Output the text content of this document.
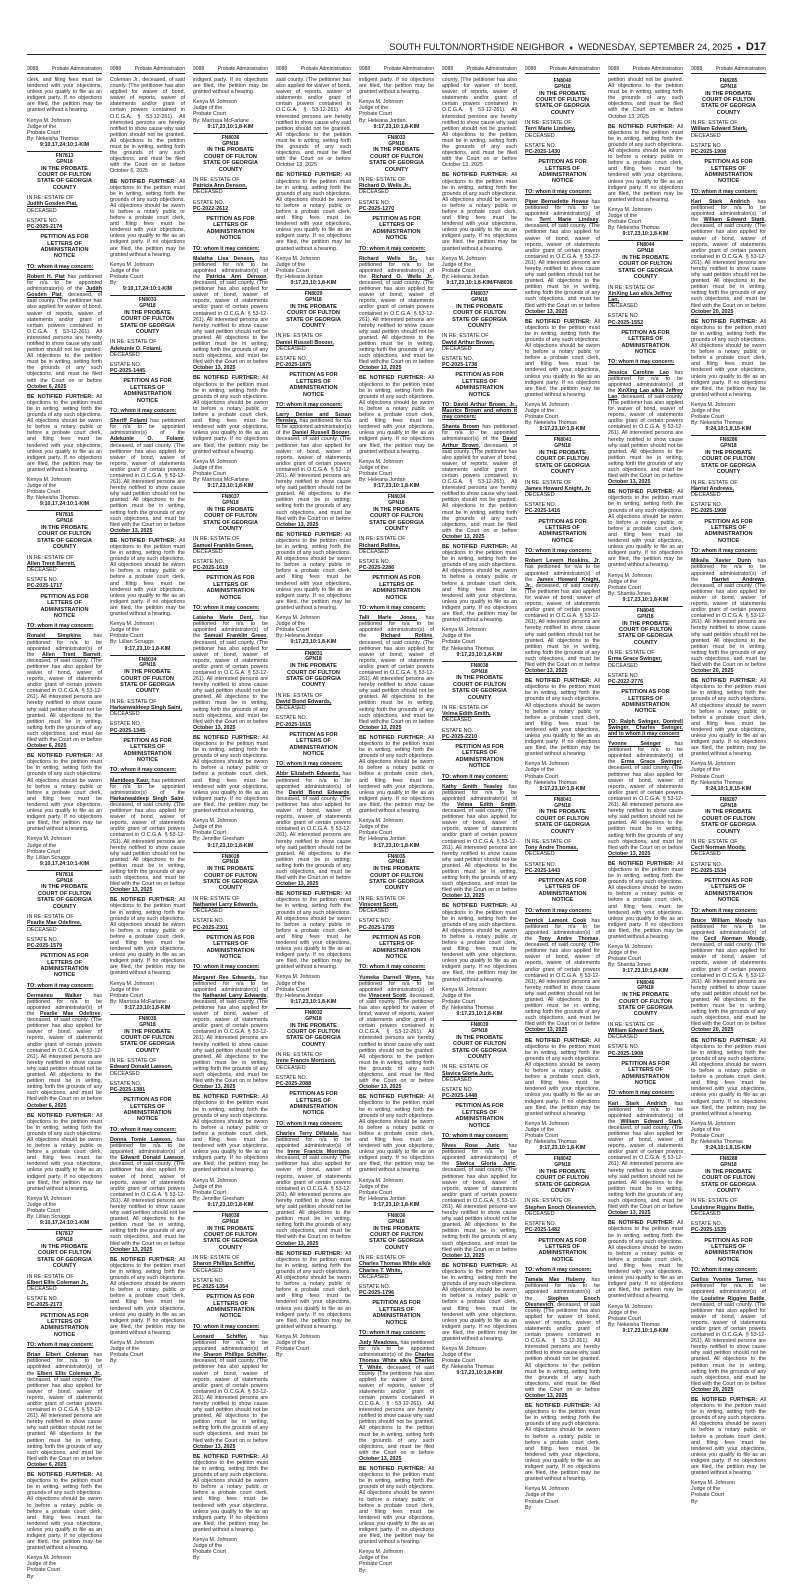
SOUTH FULTON/NORTHSIDE NEIGHBOR ♦ WEDNESDAY, SEPTEMBER 24, 2025 ♦ D17
9088	Probate Administration

clerk, and filing fees must be tendered with your objections, unless you qualify to file as an indigent party. If no objections are filed, the petition may be granted without a hearing.

Kenya M. Johnson
Judge of the
Probate Court
By: Nekeisha Thomas
9:10,17,24:10:1-KIM
FN7813
GPN18
IN THE PROBATE
COURT OF FULTON
STATE OF GEORGIA
COUNTY
IN RE: ESTATE OF
Judith Gosden Piat,
DECEASED
ESTATE NO.
PC-2025-2174
PETITION AS FOR
LETTERS OF
ADMINISTRATION
NOTICE

TO: whom it may concern:

Robert H. Piat has petitioned for n/a to be appointed administrator(s) of the Judith Gosden Piat, deceased, of said county. (The petitioner has also applied for waiver of bond, waiver of reports, waiver of statements and/or grant of certain powers contained in O.C.G.A. § 53-12-261). All interested persons are hereby notified to show cause why said petition should not be granted. All objections to the petition must be in writing, setting forth the grounds of any such objections, and must be filed with the Court on or before October 6, 2025

BE NOTIFIED FURTHER: All objections to the petition must be in writing, setting forth the grounds of any such objections. All objections should be sworn to before a notary public or before a probate court clerk, and filing fees must be tendered with your objections, unless you qualify to file as an indigent party. If no objections are filed, the petition may be granted without a hearing.

Kenya M. Johnson
Judge of the
Probate Court
By: Nekeisha Thomas
9:10,17,24:10:1-KIM
FN7815
GPN18
IN THE PROBATE
COURT OF FULTON
STATE OF GEORGIA
COUNTY
IN RE: ESTATE OF
Allen Trent Barrett,
DECEASED
ESTATE NO.
PC-2025-1717
PETITION AS FOR
LETTERS OF
ADMINISTRATION
NOTICE

TO: whom it may concern:

Ronald Simpkins has petitioned for n/a to be appointed administrator(s) of the Allen Trent Barrett, deceased, of said county. (The petitioner has also applied for waiver of bond, waiver of reports, waiver of statements and/or grant of certain powers contained in O.C.G.A. § 53-12-261). All interested persons are hereby notified to show cause why said petition should not be granted. All objections to the petition must be in writing, setting forth the grounds of any such objections, and must be filed with the Court on or before October 6, 2025

BE NOTIFIED FURTHER: All objections to the petition must be in writing, setting forth the grounds of any such objections. All objections should be sworn to before a notary public or before a probate court clerk, and filing fees must be tendered with your objections, unless you qualify to file as an indigent party. If no objections are filed, the petition may be granted without a hearing.

Kenya M. Johnson
Judge of the
Probate Court
By: Lillian Scruggs
9:10,17,24:10:1-KIM
FN7816
GPN18
IN THE PROBATE
COURT OF FULTON
STATE OF GEORGIA
COUNTY
IN RE: ESTATE OF
Pearlie Mae Odeltree,
DECEASED
ESTATE NO.
PC-2025-1579
PETITION AS FOR
LETTERS OF
ADMINISTRATION
NOTICE

TO: whom it may concern:

Dermaneu Walker has petitioned for n/a to be appointed administrator(s) of the Pearlie Mae Odeltree, deceased, of said county. (The petitioner has also applied for waiver of bond, waiver of reports, waiver of statements and/or grant of certain powers contained in O.C.G.A. § 53-12-261). All interested persons are hereby notified to show cause why said petition should not be granted. All objections to the petition must be in writing, setting forth the grounds of any such objections, and must be filed with the Court on or before October 6, 2025

BE NOTIFIED FURTHER: All objections to the petition must be in writing, setting forth the grounds of any such objections. All objections should be sworn to before a notary public or before a probate court clerk, and filing fees must be tendered with your objections, unless you qualify to file as an indigent party. If no objections are filed, the petition may be granted without a hearing.

Kenya M. Johnson
Judge of the
Probate Court
By: Lillian Scruggs
9:10,17,24:10:1-KIM
FN7817
GPN18
IN THE PROBATE
COURT OF FULTON
STATE OF GEORGIA
COUNTY
IN RE: ESTATE OF
Elbert Ellis Coleman Jr.,
DECEASED
ESTATE NO.
PC-2025-2173
PETITION AS FOR
LETTERS OF
ADMINISTRATION
NOTICE

TO: whom it may concern:

Brian Elbert Coleman has petitioned for n/a to be appointed administrator(s) of the Elbert Ellis Coleman Jr., deceased, of said county. (The petitioner has also applied for waiver of bond, waiver of reports, waiver of statements and/or grant of certain powers contained in O.C.G.A. § 53-12-261). All interested persons are hereby notified to show cause why said petition should not be granted. All objections to the petition must be in writing, setting forth the grounds of any such objections, and must be filed with the Court on or before October 6, 2025

BE NOTIFIED FURTHER: All objections to the petition must be in writing, setting forth the grounds of any such objections. All objections should be sworn to before a notary public or before a probate court clerk, and filing fees must be tendered with your objections, unless you qualify to file as an indigent party. If no objections are filed, the petition may be granted without a hearing.

Kenya M. Johnson
Judge of the
Probate Court
By:
9088	Probate Administration

Coleman Jr., deceased, of said county. (The petitioner has also applied for waiver of bond, waiver of reports, waiver of statements and/or grant of certain powers contained in O.C.G.A. § 53-12-261). All interested persons are hereby notified to show cause why said petition should not be granted. All objections to the petition must be in writing, setting forth the grounds of any such objections, and must be filed with the Court on or before October 6, 2025

BE NOTIFIED FURTHER: All objections to the petition must be in writing, setting forth the grounds of any such objections. All objections should be sworn to before a notary public or before a probate court clerk, and filing fees must be tendered with your objections, unless you qualify to file as an indigent party. If no objections are filed, the petition may be granted without a hearing.

Kenya M. Johnson
Judge of the
Probate Court
By:
9:10,17,24:10:1-KIM
FN8033
GPN18
IN THE PROBATE
COURT OF FULTON
STATE OF GEORGIA
COUNTY
IN RE: ESTATE OF
Adekunle O. Folami,
DECEASED
ESTATE NO.
PC-2025-1445
PETITION AS FOR
LETTERS OF
ADMINISTRATION
NOTICE

TO: whom it may concern:

Sheriff Folami has petitioned for n/a to be appointed administrator(s) of the Adekunle O. Folami, deceased, of said county. (The petitioner has also applied for waiver of bond, waiver of reports, waiver of statements and/or grant of certain powers contained in O.C.G.A. § 53-12-261). All interested persons are hereby notified to show cause why said petition should not be granted. All objections to the petition must be in writing, setting forth the grounds of any such objections, and must be filed with the Court on or before October 13, 2025

BE NOTIFIED FURTHER: All objections to the petition must be in writing, setting forth the grounds of any such objections. All objections should be sworn to before a notary public or before a probate court clerk, and filing fees must be tendered with your objections, unless you qualify to file as an indigent party. If no objections are filed, the petition may be granted without a hearing.

Kenya M. Johnson
Judge of the
Probate Court
By: Lillian Scruggs
9:17,23,10:1,8-KIM
FN8034
GPN18
IN THE PROBATE
COURT OF FULTON
STATE OF GEORGIA
COUNTY
IN RE: ESTATE OF
Harkanwaldeep Singh Saini,
DECEASED
ESTATE NO.
PC-2025-1345
PETITION AS FOR
LETTERS OF
ADMINISTRATION
NOTICE

TO: whom it may concern:

Manideep Kaur, has petitioned for n/a to be appointed administrator(s) of the Harkanwaldeep Singh Saini, deceased, of said county. (The petitioner has also applied for waiver of bond, waiver of reports, waiver of statements and/or grant of certain powers contained in O.C.G.A. § 53-12-261). All interested persons are hereby notified to show cause why said petition should not be granted. All objections to the petition must be in writing, setting forth the grounds of any such objections, and must be filed with the Court on or before October 13, 2025

BE NOTIFIED FURTHER: All objections to the petition must be in writing, setting forth the grounds of any such objections. All objections should be sworn to before a notary public or before a probate court clerk, and filing fees must be tendered with your objections, unless you qualify to file as an indigent party. If no objections are filed, the petition may be granted without a hearing.

Kenya M. Johnson
Judge of the
Probate Court
By: Marrissa McFarlane
9:17,23,10:1,8-KIM
FN8035
GPN18
IN THE PROBATE
COURT OF FULTON
STATE OF GEORGIA
COUNTY
IN RE: ESTATE OF
Edward Donald Lawson,
DECEASED
ESTATE NO.
PC-2025-1381
PETITION AS FOR
LETTERS OF
ADMINISTRATION
NOTICE

TO: whom it may concern:

Donna Tomie Lawson, has petitioned for n/a to be appointed administrator(s) of the Edward Donald Lawson, deceased, of said county. (The petitioner has also applied for waiver of bond, waiver of reports, waiver of statements and/or grant of certain powers contained in O.C.G.A. § 53-12-261). All interested persons are hereby notified to show cause why said petition should not be granted. All objections to the petition must be in writing, setting forth the grounds of any such objections, and must be filed with the Court on or before October 13, 2025

BE NOTIFIED FURTHER: All objections to the petition must be in writing, setting forth the grounds of any such objections. All objections should be sworn to before a notary public or before a probate court clerk, and filing fees must be tendered with your objections, unless you qualify to file as an indigent party. If no objections are filed, the petition may be granted without a hearing.

Kenya M. Johnson
Judge of the
Probate Court
By:
9088	Probate Administration

indigent party. If no objections are filed, the petition may be granted without a hearing.

Kenya M. Johnson
Judge of the
Probate Court
By: Marrissa McFarlane
9:17,23,10:1,8-KIM
FN8036
GPN18
IN THE PROBATE
COURT OF FULTON
STATE OF GEORGIA
COUNTY
IN RE: ESTATE OF
Patricia Ann Denson,
DECEASED
ESTATE NO.
PC-2022-2612
PETITION AS FOR
LETTERS OF
ADMINISTRATION
NOTICE

TO: whom it may concern:

Malatha Lisa Denson, has petitioned for n/a to be appointed administrator(s) of the Patricia Ann Denson, deceased, of said county. (The petitioner has also applied for waiver of bond, waiver of reports, waiver of statements and/or grant of certain powers contained in O.C.G.A. § 53-12-261). All interested persons are hereby notified to show cause why said petition should not be granted. All objections to the petition must be in writing, setting forth the grounds of any such objections, and must be filed with the Court on or before October 13, 2025

BE NOTIFIED FURTHER: All objections to the petition must be in writing, setting forth the grounds of any such objections. All objections should be sworn to before a notary public or before a probate court clerk, and filing fees must be tendered with your objections, unless you qualify to file as an indigent party. If no objections are filed, the petition may be granted without a hearing.

Kenya M. Johnson
Judge of the
Probate Court
By: Marrissa McFarlane
9:17,23,10:1,8-KIM
FN8037
GPN18
IN THE PROBATE
COURT OF FULTON
STATE OF GEORGIA
COUNTY
IN RE: ESTATE OF
Samuel Franklin Green,
DECEASED
ESTATE NO.
PC-2025-1619
PETITION AS FOR
LETTERS OF
ADMINISTRATION
NOTICE

TO: whom it may concern:

Latasha Marie Dent, has petitioned for n/a to be appointed administrator(s) of the Samuel Franklin Green, deceased, of said county. (The petitioner has also applied for waiver of bond, waiver of reports, waiver of statements and/or grant of certain powers contained in O.C.G.A. § 53-12-261). All interested persons are hereby notified to show cause why said petition should not be granted. All objections to the petition must be in writing, setting forth the grounds of any such objections, and must be filed with the Court on or before October 13, 2025

BE NOTIFIED FURTHER: All objections to the petition must be in writing, setting forth the grounds of any such objections. All objections should be sworn to before a notary public or before a probate court clerk, and filing fees must be tendered with your objections, unless you qualify to file as an indigent party. If no objections are filed, the petition may be granted without a hearing.

Kenya M. Johnson
Judge of the
Probate Court
By: Jennifer Gresham
9:17,23,10:1,8-KIM
FN8028
GPN18
IN THE PROBATE
COURT OF FULTON
STATE OF GEORGIA
COUNTY
IN RE: ESTATE OF
Nathaniel Larry Edwards,
DECEASED
ESTATE NO.
PC-2025-2301
PETITION AS FOR
LETTERS OF
ADMINISTRATION
NOTICE

TO: whom it may concern:

Margaret Ree Edwards, has petitioned for n/a to be appointed administrator(s) of the Nathaniel Larry Edwards, deceased, of said county. (The petitioner has also applied for waiver of bond, waiver of reports, waiver of statements and/or grant of certain powers contained in O.C.G.A. § 53-12-261). All interested persons are hereby notified to show cause why said petition should not be granted. All objections to the petition must be in writing, setting forth the grounds of any such objections, and must be filed with the Court on or before October 13, 2025

BE NOTIFIED FURTHER: All objections to the petition must be in writing, setting forth the grounds of any such objections. All objections should be sworn to before a notary public or before a probate court clerk, and filing fees must be tendered with your objections, unless you qualify to file as an indigent party. If no objections are filed, the petition may be granted without a hearing.

Kenya M. Johnson
Judge of the
Probate Court
By: Jennifer Gresham
9:17,23,10:1,8-KIM
FN8038
GPN18
IN THE PROBATE
COURT OF FULTON
STATE OF GEORGIA
COUNTY
IN RE: ESTATE OF
Sharon Phillips Schiffer,
DECEASED
ESTATE NO.
PC-2025-1354
PETITION AS FOR
LETTERS OF
ADMINISTRATION
NOTICE

TO: whom it may concern:

Leonard Schiffer, has petitioned for n/a to be appointed administrator(s) of the Sharon Phillips Schiffer, deceased, of said county. (The petitioner has also applied for waiver of bond, waiver of reports, waiver of statements and/or grant of certain powers contained in O.C.G.A. § 53-12-261). All interested persons are hereby notified to show cause why said petition should not be granted. All objections to the petition must be in writing, setting forth the grounds of any such objections, and must be filed with the Court on or before October 13, 2025

BE NOTIFIED FURTHER: All objections to the petition must be in writing, setting forth the grounds of any such objections. All objections should be sworn to before a notary public or before a probate court clerk, and filing fees must be tendered with your objections, unless you qualify to file as an indigent party. If no objections are filed, the petition may be granted without a hearing.

Kenya M. Johnson
Judge of the
Probate Court
By:
9088	Probate Administration

said county. (The petitioner has also applied for waiver of bond, waiver of reports, waiver of statements and/or grant of certain powers contained in O.C.G.A. § 53-12-261). All interested persons are hereby notified to show cause why said petition should not be granted. All objections to the petition must be in writing, setting forth the grounds of any such objections, and must be filed with the Court on or before October 13, 2025

BE NOTIFIED FURTHER: All objections to the petition must be in writing, setting forth the grounds of any such objections. All objections should be sworn to before a notary public or before a probate court clerk, and filing fees must be tendered with your objections, unless you qualify to file as an indigent party. If no objections are filed, the petition may be granted without a hearing.

Kenya M. Johnson
Judge of the
Probate Court
By: Heleana Jordan
9:17,23,10:1,8-KIM
FN8029
GPN18
IN THE PROBATE
COURT OF FULTON
STATE OF GEORGIA
COUNTY
IN RE: ESTATE OF
Daniel Russell Boozer,
DECEASED
ESTATE NO.
PC-2025-1875
PETITION AS FOR
LETTERS OF
ADMINISTRATION
NOTICE

TO: whom it may concern:

Larry Denise and Susan Hensley, has petitioned for n/a to be appointed administrator(s) of the Daniel Russell Boozer, deceased, of said county. (The petitioner has also applied for waiver of bond, waiver of reports, waiver of statements and/or grant of certain powers contained in O.C.G.A. § 53-12-261). All interested persons are hereby notified to show cause why said petition should not be granted. All objections to the petition must be in writing, setting forth the grounds of any such objections, and must be filed with the Court on or before October 13, 2025

BE NOTIFIED FURTHER: All objections to the petition must be in writing, setting forth the grounds of any such objections. All objections should be sworn to before a notary public or before a probate court clerk, and filing fees must be tendered with your objections, unless you qualify to file as an indigent party. If no objections are filed, the petition may be granted without a hearing.

Kenya M. Johnson
Judge of the
Probate Court
By: Heleana Jordan
9:17,23,10:1,8-KIM
FN8031
GPN18
IN THE PROBATE
COURT OF FULTON
STATE OF GEORGIA
COUNTY
IN RE: ESTATE OF
David Bond Edwards,
DECEASED
ESTATE NO.
PC-2025-1615
PETITION AS FOR
LETTERS OF
ADMINISTRATION
NOTICE

TO: whom it may concern:

Abbr Elizabeth Edwards, has petitioned for n/a to be appointed administrator(s) of the David Bond Edwards, deceased, of said county. (The petitioner has also applied for waiver of bond, waiver of reports, waiver of statements and/or grant of certain powers contained in O.C.G.A. § 53-12-261). All interested persons are hereby notified to show cause why said petition should not be granted. All objections to the petition must be in writing, setting forth the grounds of any such objections, and must be filed with the Court on or before October 13, 2025

BE NOTIFIED FURTHER: All objections to the petition must be in writing, setting forth the grounds of any such objections. All objections should be sworn to before a notary public or before a probate court clerk, and filing fees must be tendered with your objections, unless you qualify to file as an indigent party. If no objections are filed, the petition may be granted without a hearing.

Kenya M. Johnson
Judge of the
Probate Court
By: Heleana Jordan
9:17,23,10:1,8-KIM
FN8032
GPN18
IN THE PROBATE
COURT OF FULTON
STATE OF GEORGIA
COUNTY
IN RE: ESTATE OF
Irene Francis Morrison,
DECEASED
ESTATE NO.
PC-2025-2088
PETITION AS FOR
LETTERS OF
ADMINISTRATION
NOTICE

TO: whom it may concern:

Charles Terry DiNatale, has petitioned for n/a to be appointed administrator(s) of the Irene Francis Morrison, deceased, of said county. (The petitioner has also applied for waiver of bond, waiver of reports, waiver of statements and/or grant of certain powers contained in O.C.G.A. § 53-12-261). All interested persons are hereby notified to show cause why said petition should not be granted. All objections to the petition must be in writing, setting forth the grounds of any such objections, and must be filed with the Court on or before October 13, 2025

BE NOTIFIED FURTHER: All objections to the petition must be in writing, setting forth the grounds of any such objections. All objections should be sworn to before a notary public or before a probate court clerk, and filing fees must be tendered with your objections, unless you qualify to file as an indigent party. If no objections are filed, the petition may be granted without a hearing.

Kenya M. Johnson
Judge of the
Probate Court
By:
9088	Probate Administration

indigent party. If no objections are filed, the petition may be granted without a hearing.

Kenya M. Johnson
Judge of the
Probate Court
By: Heleana Jordan
9:17,23,10:1,8-KIM
FN8033
GPN18
IN THE PROBATE
COURT OF FULTON
STATE OF GEORGIA
COUNTY
IN RE: ESTATE OF
Richard O. Wells Jr.,
DECEASED
ESTATE NO.
PC-2025-1270
PETITION AS FOR
LETTERS OF
ADMINISTRATION
NOTICE

TO: whom it may concern:

Richard Wells Sr., has petitioned for n/a to be appointed administrator(s) of the Richard O. Wells Jr., deceased, of said county. (The petitioner has also applied for waiver of bond, waiver of reports, waiver of statements and/or grant of certain powers contained in O.C.G.A. § 53-12-261). All interested persons are hereby notified to show cause why said petition should not be granted. All objections to the petition must be in writing, setting forth the grounds of any such objections, and must be filed with the Court on or before October 13, 2025

BE NOTIFIED FURTHER: All objections to the petition must be in writing, setting forth the grounds of any such objections. All objections should be sworn to before a notary public or before a probate court clerk, and filing fees must be tendered with your objections, unless you qualify to file as an indigent party. If no objections are filed, the petition may be granted without a hearing.

Kenya M. Johnson
Judge of the
Probate Court
By: Heleana Jordan
9:17,23,10:1,8-KIM
FN8034
GPN18
IN THE PROBATE
COURT OF FULTON
STATE OF GEORGIA
COUNTY
IN RE: ESTATE OF
Richard Rollins,
DECEASED
ESTATE NO.
PC-2025-2286
PETITION AS FOR
LETTERS OF
ADMINISTRATION
NOTICE

TO: whom it may concern:

Talli Marie Jones, has petitioned for n/a to be appointed administrator(s) of the Richard Rollins, deceased, of said county. (The petitioner has also applied for waiver of bond, waiver of reports, waiver of statements and/or grant of certain powers contained in O.C.G.A. § 53-12-261). All interested persons are hereby notified to show cause why said petition should not be granted. All objections to the petition must be in writing, setting forth the grounds of any such objections, and must be filed with the Court on or before October 13, 2025

BE NOTIFIED FURTHER: All objections to the petition must be in writing, setting forth the grounds of any such objections. All objections should be sworn to before a notary public or before a probate court clerk, and filing fees must be tendered with your objections, unless you qualify to file as an indigent party. If no objections are filed, the petition may be granted without a hearing.

Kenya M. Johnson
Judge of the
Probate Court
By: Heleana Jordan
9:17,23,10:1,8-KIM
FN8035
GPN18
IN THE PROBATE
COURT OF FULTON
STATE OF GEORGIA
COUNTY
IN RE: ESTATE OF
Vinscent Scott,
DECEASED
ESTATE NO.
PC-2025-1795
PETITION AS FOR
LETTERS OF
ADMINISTRATION
NOTICE

TO: whom it may concern:

Yumeka Darnell Wynn, has petitioned for n/a to be appointed administrator(s) of the Vinscent Scott, deceased, of said county. (The petitioner has also applied for waiver of bond, waiver of reports, waiver of statements and/or grant of certain powers contained in O.C.G.A. § 53-12-261). All interested persons are hereby notified to show cause why said petition should not be granted. All objections to the petition must be in writing, setting forth the grounds of any such objections, and must be filed with the Court on or before October 13, 2025

BE NOTIFIED FURTHER: All objections to the petition must be in writing, setting forth the grounds of any such objections. All objections should be sworn to before a notary public or before a probate court clerk, and filing fees must be tendered with your objections, unless you qualify to file as an indigent party. If no objections are filed, the petition may be granted without a hearing.

Kenya M. Johnson
Judge of the
Probate Court
By: Heleana Jordan
9:17,23,10:1,8-KIM
FN8036
GPN18
IN THE PROBATE
COURT OF FULTON
STATE OF GEORGIA
COUNTY
IN RE: ESTATE OF
Charles Thomas White a/k/a Charles T. White,
DECEASED
ESTATE NO.
PC-2025-1796
PETITION AS FOR
LETTERS OF
ADMINISTRATION
NOTICE

TO: whom it may concern:

Judy Meadows, has petitioned for n/a to be appointed administrator(s) of the Charles Thomas White a/k/a Charles T. White, deceased, of said county. (The petitioner has also applied for waiver of bond, waiver of reports, waiver of statements and/or grant of certain powers contained in O.C.G.A. § 53-12-261). All interested persons are hereby notified to show cause why said petition should not be granted. All objections to the petition must be in writing, setting forth the grounds of any such objections, and must be filed with the Court on or before October 13, 2025

BE NOTIFIED FURTHER: All objections to the petition must be in writing, setting forth the grounds of any such objections. All objections should be sworn to before a notary public or before a probate court clerk, and filing fees must be tendered with your objections, unless you qualify to file as an indigent party. If no objections are filed, the petition may be granted without a hearing.

Kenya M. Johnson
Judge of the
Probate Court
By:
9088	Probate Administration

county. (The petitioner has also applied for waiver of bond, waiver of reports, waiver of statements and/or grant of certain powers contained in O.C.G.A. § 53-12-261). All interested persons are hereby notified to show cause why said petition should not be granted. All objections to the petition must be in writing, setting forth the grounds of any such objections, and must be filed with the Court on or before October 13, 2025

BE NOTIFIED FURTHER: All objections to the petition must be in writing, setting forth the grounds of any such objections. All objections should be sworn to before a notary public or before a probate court clerk, and filing fees must be tendered with your objections, unless you qualify to file as an indigent party. If no objections are filed, the petition may be granted without a hearing.

Kenya M. Johnson
Judge of the
Probate Court
By: Heleana Jordan
9:17,23,10:1,8-KIM/FN8036
FN8037
GPN18
IN THE PROBATE
COURT OF FULTON
STATE OF GEORGIA
COUNTY
IN RE: ESTATE OF
David Arthur Brown,
DECEASED
ESTATE NO.
PC-2025-1738
PETITION AS FOR
LETTERS OF
ADMINISTRATION
NOTICE

TO: David Arthur Brown, Jr., Maurice Brown and whom it may concern:

Shanta Brown has petitioned for n/a to be appointed administrator(s) of the David Arthur Brown, deceased, of said county. (The petitioner has also applied for waiver of bond, waiver of reports, waiver of statements and/or grant of certain powers contained in O.C.G.A. § 53-12-261). All interested persons are hereby notified to show cause why said petition should not be granted. All objections to the petition must be in writing, setting forth the grounds of any such objections, and must be filed with the Court on or before October 13, 2025

BE NOTIFIED FURTHER: All objections to the petition must be in writing, setting forth the grounds of any such objections. All objections should be sworn to before a notary public or before a probate court clerk, and filing fees must be tendered with your objections, unless you qualify to file as an indigent party. If no objections are filed, the petition may be granted without a hearing.

Kenya M. Johnson
Judge of the
Probate Court
By: Nekeisha Thomas
9:17,23,10:1,8-KIM
FN8038
GPN18
IN THE PROBATE
COURT OF FULTON
STATE OF GEORGIA
COUNTY
IN RE: ESTATE OF
Velma Edith Smith,
DECEASED
ESTATE NO.
PC-2025-2210
PETITION AS FOR
LETTERS OF
ADMINISTRATION
NOTICE

TO: whom it may concern:

Kathy Smith Teasley has petitioned for n/a to be appointed administrator(s) of the Velma Edith Smith, deceased, of said county. (The petitioner has also applied for waiver of bond, waiver of reports, waiver of statements and/or grant of certain powers contained in O.C.G.A. § 53-12-261). All interested persons are hereby notified to show cause why said petition should not be granted. All objections to the petition must be in writing, setting forth the grounds of any such objections, and must be filed with the Court on or before October 13, 2025

BE NOTIFIED FURTHER: All objections to the petition must be in writing, setting forth the grounds of any such objections. All objections should be sworn to before a notary public or before a probate court clerk, and filing fees must be tendered with your objections, unless you qualify to file as an indigent party. If no objections are filed, the petition may be granted without a hearing.

Kenya M. Johnson
Judge of the
Probate Court
By: Nekeisha Thomas
9:17,23,10:1,8-KIM
FN8039
GPN18
IN THE PROBATE
COURT OF FULTON
STATE OF GEORGIA
COUNTY
IN RE: ESTATE OF
Slavica Gloria Juric,
DECEASED
ESTATE NO.
PC-2025-1448
PETITION AS FOR
LETTERS OF
ADMINISTRATION
NOTICE

TO: whom it may concern:

Nives Rose Juric has petitioned for n/a to be appointed administrator(s) of the Slavica Gloria Juric, deceased, of said county. (The petitioner has also applied for waiver of bond, waiver of reports, waiver of statements and/or grant of certain powers contained in O.C.G.A. § 53-12-261). All interested persons are hereby notified to show cause why said petition should not be granted. All objections to the petition must be in writing, setting forth the grounds of any such objections, and must be filed with the Court on or before October 13, 2025

BE NOTIFIED FURTHER: All objections to the petition must be in writing, setting forth the grounds of any such objections. All objections should be sworn to before a notary public or before a probate court clerk, and filing fees must be tendered with your objections, unless you qualify to file as an indigent party. If no objections are filed, the petition may be granted without a hearing.

Kenya M. Johnson
Judge of the
Probate Court
By: Nekeisha Thomas
9:17,23,10:1,8-KIM
9088	Probate Administration
FN8040
GPN18
IN THE PROBATE
COURT OF FULTON
STATE OF GEORGIA
COUNTY
IN RE: ESTATE OF
Terri Marie Lindsey,
DECEASED
ESTATE NO.
PC-2025-1430
PETITION AS FOR
LETTERS OF
ADMINISTRATION
NOTICE

TO: whom it may concern:

Piper Bernadette Howse has petitioned for n/a to be appointed administrator(s) of the Terri Marie Lindsey, deceased, of said county. (The petitioner has also applied for waiver of bond, waiver of reports, waiver of statements and/or grant of certain powers contained in O.C.G.A. § 53-12-261). All interested persons are hereby notified to show cause why said petition should not be granted. All objections to the petition must be in writing, setting forth the grounds of any such objections, and must be filed with the Court on or before October 13, 2025

BE NOTIFIED FURTHER: All objections to the petition must be in writing, setting forth the grounds of any such objections. All objections should be sworn to before a notary public or before a probate court clerk, and filing fees must be tendered with your objections, unless you qualify to file as an indigent party. If no objections are filed, the petition may be granted without a hearing.

Kenya M. Johnson
Judge of the
Probate Court
By: Nekeisha Thomas
9:17,23,10:1,8-KIM
FN8041
GPN18
IN THE PROBATE
COURT OF FULTON
STATE OF GEORGIA
COUNTY
IN RE: ESTATE OF
James Howard Knight, Jr.
DECEASED
ESTATE NO.
PC-2025-1416
PETITION AS FOR
LETTERS OF
ADMINISTRATION
NOTICE

TO: whom it may concern:

Robert Levern Hoskins, Jr. has petitioned for n/a to be appointed administrator(s) of the James Howard Knight, Jr., deceased, of said county. (The petitioner has also applied for waiver of bond, waiver of reports, waiver of statements and/or grant of certain powers contained in O.C.G.A. § 53-12-261). All interested persons are hereby notified to show cause why said petition should not be granted. All objections to the petition must be in writing, setting forth the grounds of any such objections, and must be filed with the Court on or before October 13, 2025

BE NOTIFIED FURTHER: All objections to the petition must be in writing, setting forth the grounds of any such objections. All objections should be sworn to before a notary public or before a probate court clerk, and filing fees must be tendered with your objections, unless you qualify to file as an indigent party. If no objections are filed, the petition may be granted without a hearing.

Kenya M. Johnson
Judge of the
Probate Court
By: Nekeisha Thomas
9:17,23,10:1,8-KIM
FN8041
GPN18
IN THE PROBATE
COURT OF FULTON
STATE OF GEORGIA
COUNTY
IN RE: ESTATE OF
Tony Andre Thomas,
DECEASED
ESTATE NO.
PC-2025-1443
PETITION AS FOR
LETTERS OF
ADMINISTRATION
NOTICE

TO: whom it may concern:

Derrick Lamont Cook has petitioned for n/a to be appointed administrator(s) of the Tony Andre Thomas, deceased, of said county. (The petitioner has also applied for waiver of bond, waiver of reports, waiver of statements and/or grant of certain powers contained in O.C.G.A. § 53-12-261). All interested persons are hereby notified to show cause why said petition should not be granted. All objections to the petition must be in writing, setting forth the grounds of any such objections, and must be filed with the Court on or before October 13, 2025

BE NOTIFIED FURTHER: All objections to the petition must be in writing, setting forth the grounds of any such objections. All objections should be sworn to before a notary public or before a probate court clerk, and filing fees must be tendered with your objections, unless you qualify to file as an indigent party. If no objections are filed, the petition may be granted without a hearing.

Kenya M. Johnson
Judge of the
Probate Court
By: Nekeisha Thomas
9:17,23,10:1,8-KIM
FN8042
GPN18
IN THE PROBATE
COURT OF FULTON
STATE OF GEORGIA
COUNTY
IN RE: ESTATE OF
Stephen Enoch Olesnevich,
DECEASED
ESTATE NO.
PC-2025-1482
PETITION AS FOR
LETTERS OF
ADMINISTRATION
NOTICE

TO: whom it may concern:

Tamala Mae Hubeny has petitioned for n/a to be appointed administrator(s) of the Stephen Enoch Olesnevich, deceased, of said county. (The petitioner has also applied for waiver of bond, waiver of reports, waiver of statements and/or grant of certain powers contained in O.C.G.A. § 53-12-261). All interested persons are hereby notified to show cause why said petition should not be granted. All objections to the petition must be in writing, setting forth the grounds of any such objections, and must be filed with the Court on or before October 13, 2025

BE NOTIFIED FURTHER: All objections to the petition must be in writing, setting forth the grounds of any such objections. All objections should be sworn to before a notary public or before a probate court clerk, and filing fees must be tendered with your objections, unless you qualify to file as an indigent party. If no objections are filed, the petition may be granted without a hearing.

Kenya M. Johnson
Judge of the
Probate Court
By:
9088	Probate Administration

petition should not be granted. All objections to the petition must be in writing, setting forth the grounds of any such objections, and must be filed with the Court on or before October 13, 2025

BE NOTIFIED FURTHER: All objections to the petition must be in writing, setting forth the grounds of any such objections. All objections should be sworn to before a notary public or before a probate court clerk, and filing fees must be tendered with your objections, unless you qualify to file as an indigent party. If no objections are filed, the petition may be granted without a hearing.

Kenya M. Johnson
Judge of the
Probate Court
By: Nekeisha Thomas
9:17,23,10:1,8-KIM
FN8044
GPN18
IN THE PROBATE
COURT OF FULTON
STATE OF GEORGIA
COUNTY
IN RE: ESTATE OF
XinXing Lao a/k/a Jeffrey Lao,
DECEASED
ESTATE NO.
PC-2025-1552
PETITION AS FOR
LETTERS OF
ADMINISTRATION
NOTICE

TO: whom it may concern:

Jessica Caroline Lao has petitioned for n/a to be appointed administrator(s) of the XinXing Lao a/k/a Jeffrey Lao, deceased, of said county. (The petitioner has also applied for waiver of bond, waiver of reports, waiver of statements and/or grant of certain powers contained in O.C.G.A. § 53-12-261). All interested persons are hereby notified to show cause why said petition should not be granted. All objections to the petition must be in writing, setting forth the grounds of any such objections, and must be filed with the Court on or before October 13, 2025

BE NOTIFIED FURTHER: All objections to the petition must be in writing, setting forth the grounds of any such objections. All objections should be sworn to before a notary public or before a probate court clerk, and filing fees must be tendered with your objections, unless you qualify to file as an indigent party. If no objections are filed, the petition may be granted without a hearing.

Kenya M. Johnson
Judge of the
Probate Court
By: Shantia Jones
9:17,23,10:1,8-KIM
FN8045
GPN18
IN THE PROBATE
COURT OF FULTON
STATE OF GEORGIA
COUNTY
IN RE: ESTATE OF
Erma Grace Swinger,
DECEASED
ESTATE NO.
PC-2022-2776
PETITION AS FOR
LETTERS OF
ADMINISTRATION
NOTICE

TO: Ralph Swinger, Dontrell Swinger, Charles Swinger, and to whom it may concern

Yvonne Swinger has petitioned for n/a to be appointed administrator(s) of the Erma Grace Swinger, deceased, of said county. (The petitioner has also applied for waiver of bond, waiver of reports, waiver of statements and/or grant of certain powers contained in O.C.G.A. § 53-12-261). All interested persons are hereby notified to show cause why said petition should not be granted. All objections to the petition must be in writing, setting forth the grounds of any such objections, and must be filed with the Court on or before October 13, 2025

BE NOTIFIED FURTHER: All objections to the petition must be in writing, setting forth the grounds of any such objections. All objections should be sworn to before a notary public or before a probate court clerk, and filing fees must be tendered with your objections, unless you qualify to file as an indigent party. If no objections are filed, the petition may be granted without a hearing.

Kenya M. Johnson
Judge of the
Probate Court
By: Shantia Jones
9:17,23,10:1,8-KIM
FN8046
GPN18
IN THE PROBATE
COURT OF FULTON
STATE OF GEORGIA
COUNTY
IN RE: ESTATE OF
William Edward Stark,
DECEASED
ESTATE NO.
PC-2025-1908
PETITION AS FOR
LETTERS OF
ADMINISTRATION
NOTICE

TO: whom it may concern:

Kari Stark Andrich has petitioned for n/a to be appointed administrator(s) of the William Edward Stark, deceased, of said county. (The petitioner has also applied for waiver of bond, waiver of reports, waiver of statements and/or grant of certain powers contained in O.C.G.A. § 53-12-261). All interested persons are hereby notified to show cause why said petition should not be granted. All objections to the petition must be in writing, setting forth the grounds of any such objections, and must be filed with the Court on or before October 13, 2025

BE NOTIFIED FURTHER: All objections to the petition must be in writing, setting forth the grounds of any such objections. All objections should be sworn to before a notary public or before a probate court clerk, and filing fees must be tendered with your objections, unless you qualify to file as an indigent party. If no objections are filed, the petition may be granted without a hearing.

Kenya M. Johnson
Judge of the
Probate Court
By: Nekeisha Thomas
9:17,23,10:1,8-KIM
9088	Probate Administration
FN8285
GPN18
IN THE PROBATE
COURT OF FULTON
STATE OF GEORGIA
COUNTY
IN RE: ESTATE OF
William Edward Stark,
DECEASED
ESTATE NO.
PC-2025-1908
PETITION AS FOR
LETTERS OF
ADMINISTRATION
NOTICE

TO: whom it may concern:

Kari Stark Andrich has petitioned for n/a to be appointed administrator(s) of the William Edward Stark, deceased, of said county. (The petitioner has also applied for waiver of bond, waiver of reports, waiver of statements and/or grant of certain powers contained in O.C.G.A. § 53-12-261). All interested persons are hereby notified to show cause why said petition should not be granted. All objections to the petition must be in writing, setting forth the grounds of any such objections, and must be filed with the Court on or before October 20, 2025

BE NOTIFIED FURTHER: All objections to the petition must be in writing, setting forth the grounds of any such objections. All objections should be sworn to before a notary public or before a probate court clerk, and filing fees must be tendered with your objections, unless you qualify to file as an indigent party. If no objections are filed, the petition may be granted without a hearing.

Kenya M. Johnson
Judge of the
Probate Court
By: Nekeisha Thomas
9:24,10:1,8,15-KIM
FN8286
GPN18
IN THE PROBATE
COURT OF FULTON
STATE OF GEORGIA
COUNTY
IN RE: ESTATE OF
Harriet Andrews,
DECEASED
ESTATE NO.
PC-2025-1908
PETITION AS FOR
LETTERS OF
ADMINISTRATION
NOTICE

TO: whom it may concern:

Mikaila Xavier Dunn has petitioned for n/a to be appointed administrator(s) of the Harriet Andrews, deceased, of said county. (The petitioner has also applied for waiver of bond, waiver of reports, waiver of statements and/or grant of certain powers contained in O.C.G.A. § 53-12-261). All interested persons are hereby notified to show cause why said petition should not be granted. All objections to the petition must be in writing, setting forth the grounds of any such objections, and must be filed with the Court on or before October 20, 2025

BE NOTIFIED FURTHER: All objections to the petition must be in writing, setting forth the grounds of any such objections. All objections should be sworn to before a notary public or before a probate court clerk, and filing fees must be tendered with your objections, unless you qualify to file as an indigent party. If no objections are filed, the petition may be granted without a hearing.

Kenya M. Johnson
Judge of the
Probate Court
By: Nekeisha Thomas
9:24,10:1,8,15-KIM
FN8287
GPN18
IN THE PROBATE
COURT OF FULTON
STATE OF GEORGIA
COUNTY
IN RE: ESTATE OF
Cecil Norman Moody,
DECEASED
ESTATE NO.
PC-2025-1534
PETITION AS FOR
LETTERS OF
ADMINISTRATION
NOTICE

TO: whom it may concern:

Bruce William Moody has petitioned for n/a to be appointed administrator(s) of the Cecil Norman Moody, deceased, of said county. (The petitioner has also applied for waiver of bond, waiver of reports, waiver of statements and/or grant of certain powers contained in O.C.G.A. § 53-12-261). All interested persons are hereby notified to show cause why said petition should not be granted. All objections to the petition must be in writing, setting forth the grounds of any such objections, and must be filed with the Court on or before October 20, 2025

BE NOTIFIED FURTHER: All objections to the petition must be in writing, setting forth the grounds of any such objections. All objections should be sworn to before a notary public or before a probate court clerk, and filing fees must be tendered with your objections, unless you qualify to file as an indigent party. If no objections are filed, the petition may be granted without a hearing.

Kenya M. Johnson
Judge of the
Probate Court
By: Nekeisha Thomas
9:24,10:1,8,15-KIM
FN8288
GPN18
IN THE PROBATE
COURT OF FULTON
STATE OF GEORGIA
COUNTY
IN RE: ESTATE OF
Louistine Riggins Battle,
DECEASED
ESTATE NO.
PC-2025-1535
PETITION AS FOR
LETTERS OF
ADMINISTRATION
NOTICE

TO: whom it may concern:

Carliss Yvonne Turner, has petitioned for n/a to be appointed administrator(s) of the Louistine Riggins Battle, deceased, of said county. (The petitioner has also applied for waiver of bond, waiver of reports, waiver of statements and/or grant of certain powers contained in O.C.G.A. § 53-12-261). All interested persons are hereby notified to show cause why said petition should not be granted. All objections to the petition must be in writing, setting forth the grounds of any such objections, and must be filed with the Court on or before October 20, 2025

BE NOTIFIED FURTHER: All objections to the petition must be in writing, setting forth the grounds of any such objections. All objections should be sworn to before a notary public or before a probate court clerk, and filing fees must be tendered with your objections, unless you qualify to file as an indigent party. If no objections are filed, the petition may be granted without a hearing.

Kenya M. Johnson
Judge of the
Probate Court
By:
